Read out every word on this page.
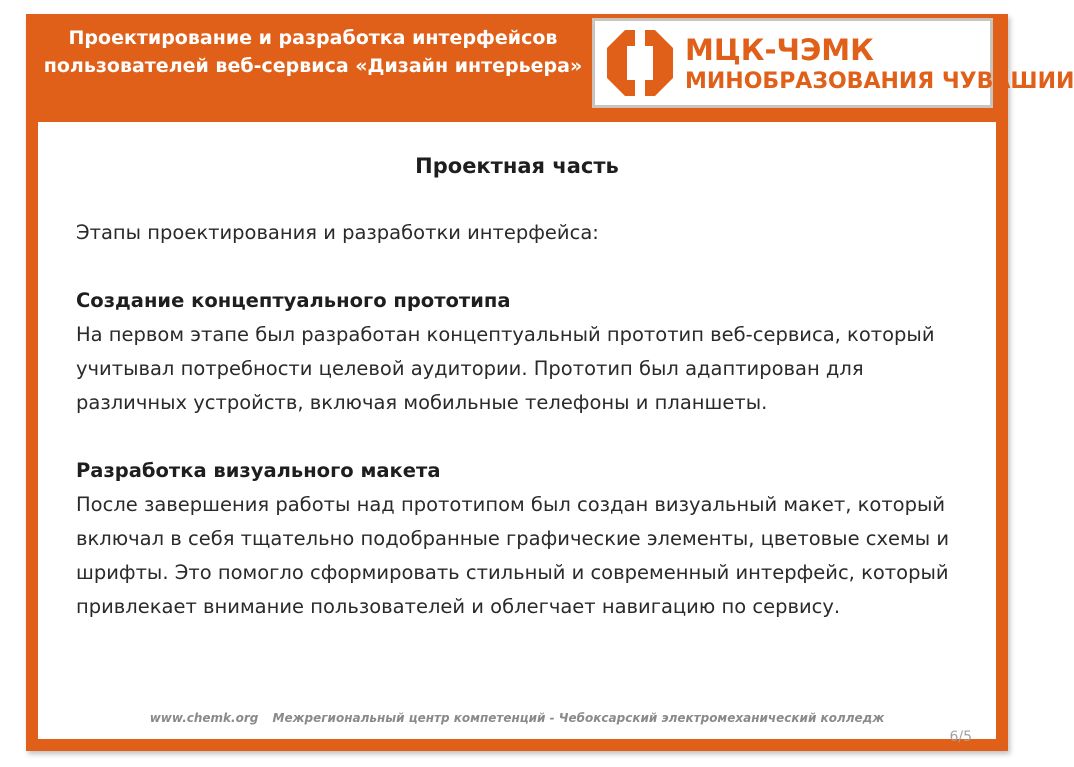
Проектирование и разработка интерфейсов пользователей веб-сервиса «Дизайн интерьера»	МЦК-ЧЭМК
МИНОБРАЗОВАНИЯ ЧУВАШИИ
Проектная часть

Этапы проектирования и разработки интерфейса:

Создание концептуального прототипа

На первом этапе был разработан концептуальный прототип веб-сервиса, который учитывал потребности целевой аудитории. Прототип был адаптирован для различных устройств, включая мобильные телефоны и планшеты.

Разработка визуального макета

После завершения работы над прототипом был создан визуальный макет, который включал в себя тщательно подобранные графические элементы, цветовые схемы и шрифты. Это помогло сформировать стильный и современный интерфейс, который привлекает внимание пользователей и облегчает навигацию по сервису.

www.chemk.org Межрегиональный центр компетенций - Чебоксарский электромеханический колледж
6/5
